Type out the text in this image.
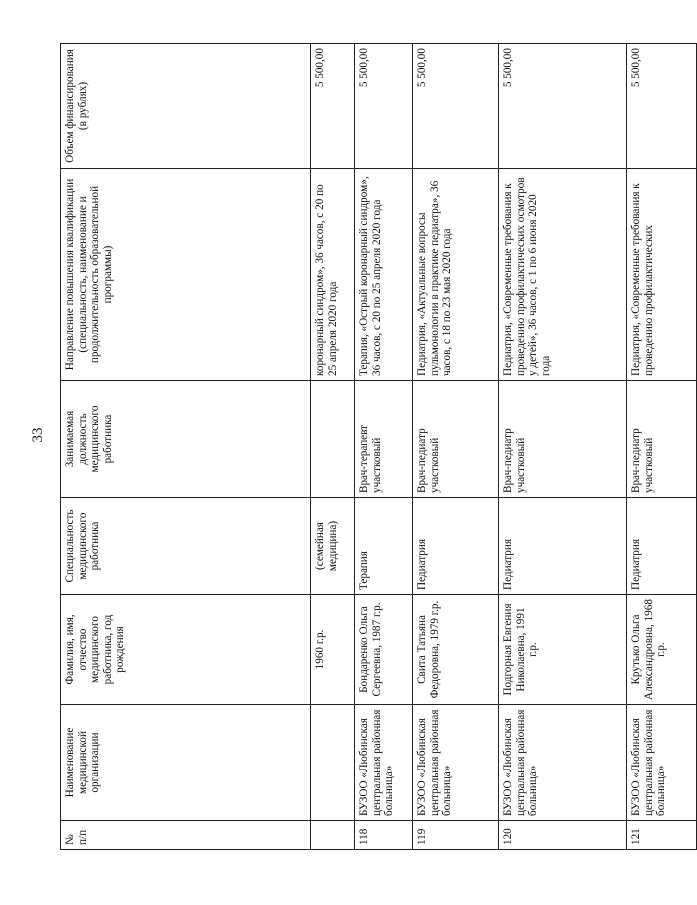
33
№ п/п	Наименование медицинской организации	Фамилия, имя, отчество медицинского работника, год рождения	Специальность медицинского работника	Занимаемая должность медицинского работника	Направление повышения квалификации (специальность, наименование и продолжительность образовательной программы)	Объем финансирования (в рублях)
		1960 г.р.	(семейная медицина)		коронарный синдром», 36 часов, с 20 по 25 апреля 2020 года	5 500,00
118	БУЗОО «Любинская центральная районная больница»	Бондаренко Ольга Сергеевна, 1987 г.р.	Терапия	Врач-терапевт участковый	Терапия, «Острый коронарный синдром», 36 часов, с 20 по 25 апреля 2020 года	5 500,00
119	БУЗОО «Любинская центральная районная больница»	Свита Татьяна Федоровна, 1979 г.р.	Педиатрия	Врач-педиатр участковый	Педиатрия, «Актуальные вопросы пульмонологии в практике педиатра», 36 часов, с 18 по 23 мая 2020 года	5 500,00
120	БУЗОО «Любинская центральная районная больница»	Подгорная Евгения Николаевна, 1991 г.р.	Педиатрия	Врач-педиатр участковый	Педиатрия, «Современные требования к проведению профилактических осмотров у детей», 36 часов, с 1 по 6 июня 2020 года	5 500,00
121	БУЗОО «Любинская центральная районная больница»	Крутько Ольга Александровна, 1968 г.р.	Педиатрия	Врач-педиатр участковый	Педиатрия, «Современные требования к проведению профилактических	5 500,00
